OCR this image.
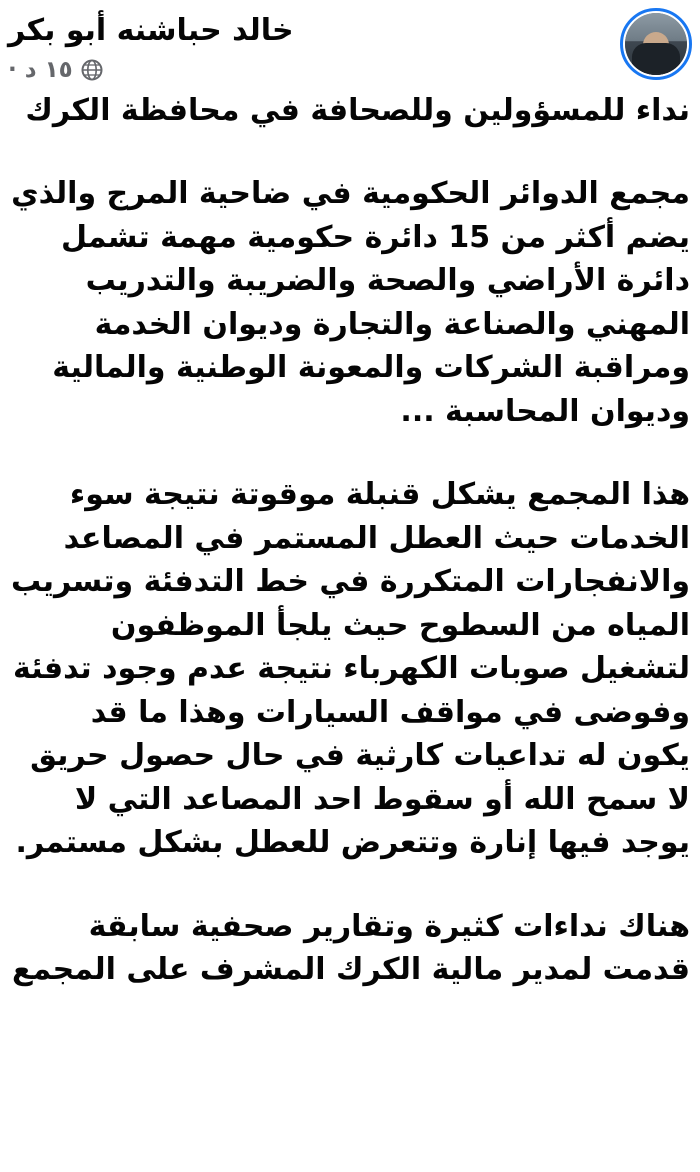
خالد حباشنه أبو بكر
١٥ د ·

نداء للمسؤولين وللصحافة في محافظة الكرك

مجمع الدوائر الحكومية في ضاحية المرج والذي يضم أكثر من 15 دائرة حكومية مهمة تشمل دائرة الأراضي والصحة والضريبة والتدريب المهني والصناعة والتجارة وديوان الخدمة ومراقبة الشركات والمعونة الوطنية والمالية وديوان المحاسبة ...

هذا المجمع يشكل قنبلة موقوتة نتيجة سوء الخدمات حيث العطل المستمر في المصاعد والانفجارات المتكررة في خط التدفئة وتسريب المياه من السطوح حيث يلجأ الموظفون لتشغيل صوبات الكهرباء نتيجة عدم وجود تدفئة وفوضى في مواقف السيارات وهذا ما قد يكون له تداعيات كارثية في حال حصول حريق لا سمح الله أو سقوط احد المصاعد التي لا يوجد فيها إنارة وتتعرض للعطل بشكل مستمر.

هناك نداءات كثيرة وتقارير صحفية سابقة

قدمت لمدير مالية الكرك المشرف على المجمع
